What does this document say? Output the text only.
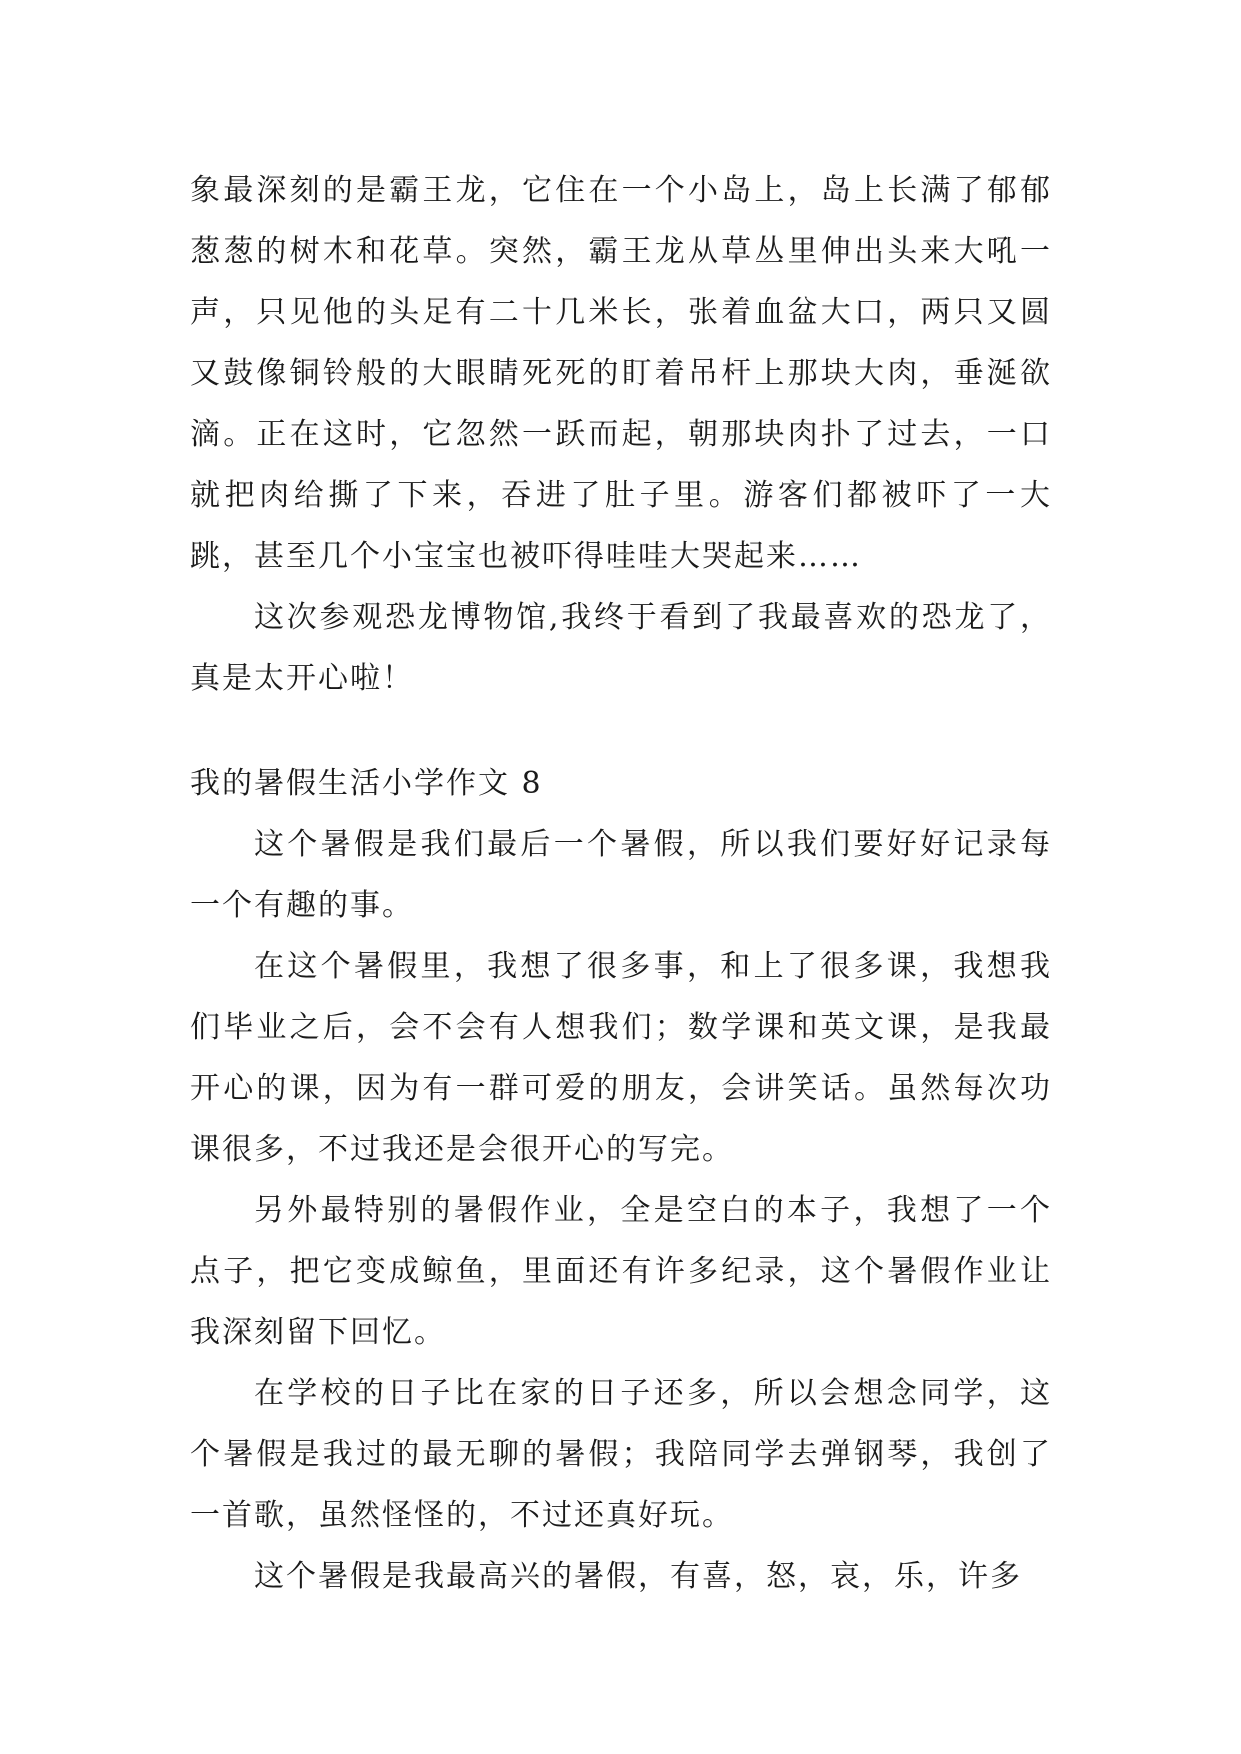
象最深刻的是霸王龙，它住在一个小岛上，岛上长满了郁郁葱葱的树木和花草。突然，霸王龙从草丛里伸出头来大吼一声，只见他的头足有二十几米长，张着血盆大口，两只又圆又鼓像铜铃般的大眼睛死死的盯着吊杆上那块大肉，垂涎欲滴。正在这时，它忽然一跃而起，朝那块肉扑了过去，一口就把肉给撕了下来，吞进了肚子里。游客们都被吓了一大跳，甚至几个小宝宝也被吓得哇哇大哭起来……

这次参观恐龙博物馆,我终于看到了我最喜欢的恐龙了，真是太开心啦！

我的暑假生活小学作文 8

这个暑假是我们最后一个暑假，所以我们要好好记录每一个有趣的事。

在这个暑假里，我想了很多事，和上了很多课，我想我们毕业之后，会不会有人想我们；数学课和英文课，是我最开心的课，因为有一群可爱的朋友，会讲笑话。虽然每次功课很多，不过我还是会很开心的写完。

另外最特别的暑假作业，全是空白的本子，我想了一个点子，把它变成鲸鱼，里面还有许多纪录，这个暑假作业让我深刻留下回忆。

在学校的日子比在家的日子还多，所以会想念同学，这个暑假是我过的最无聊的暑假；我陪同学去弹钢琴，我创了一首歌，虽然怪怪的，不过还真好玩。

这个暑假是我最高兴的暑假，有喜，怒，哀，乐，许多
